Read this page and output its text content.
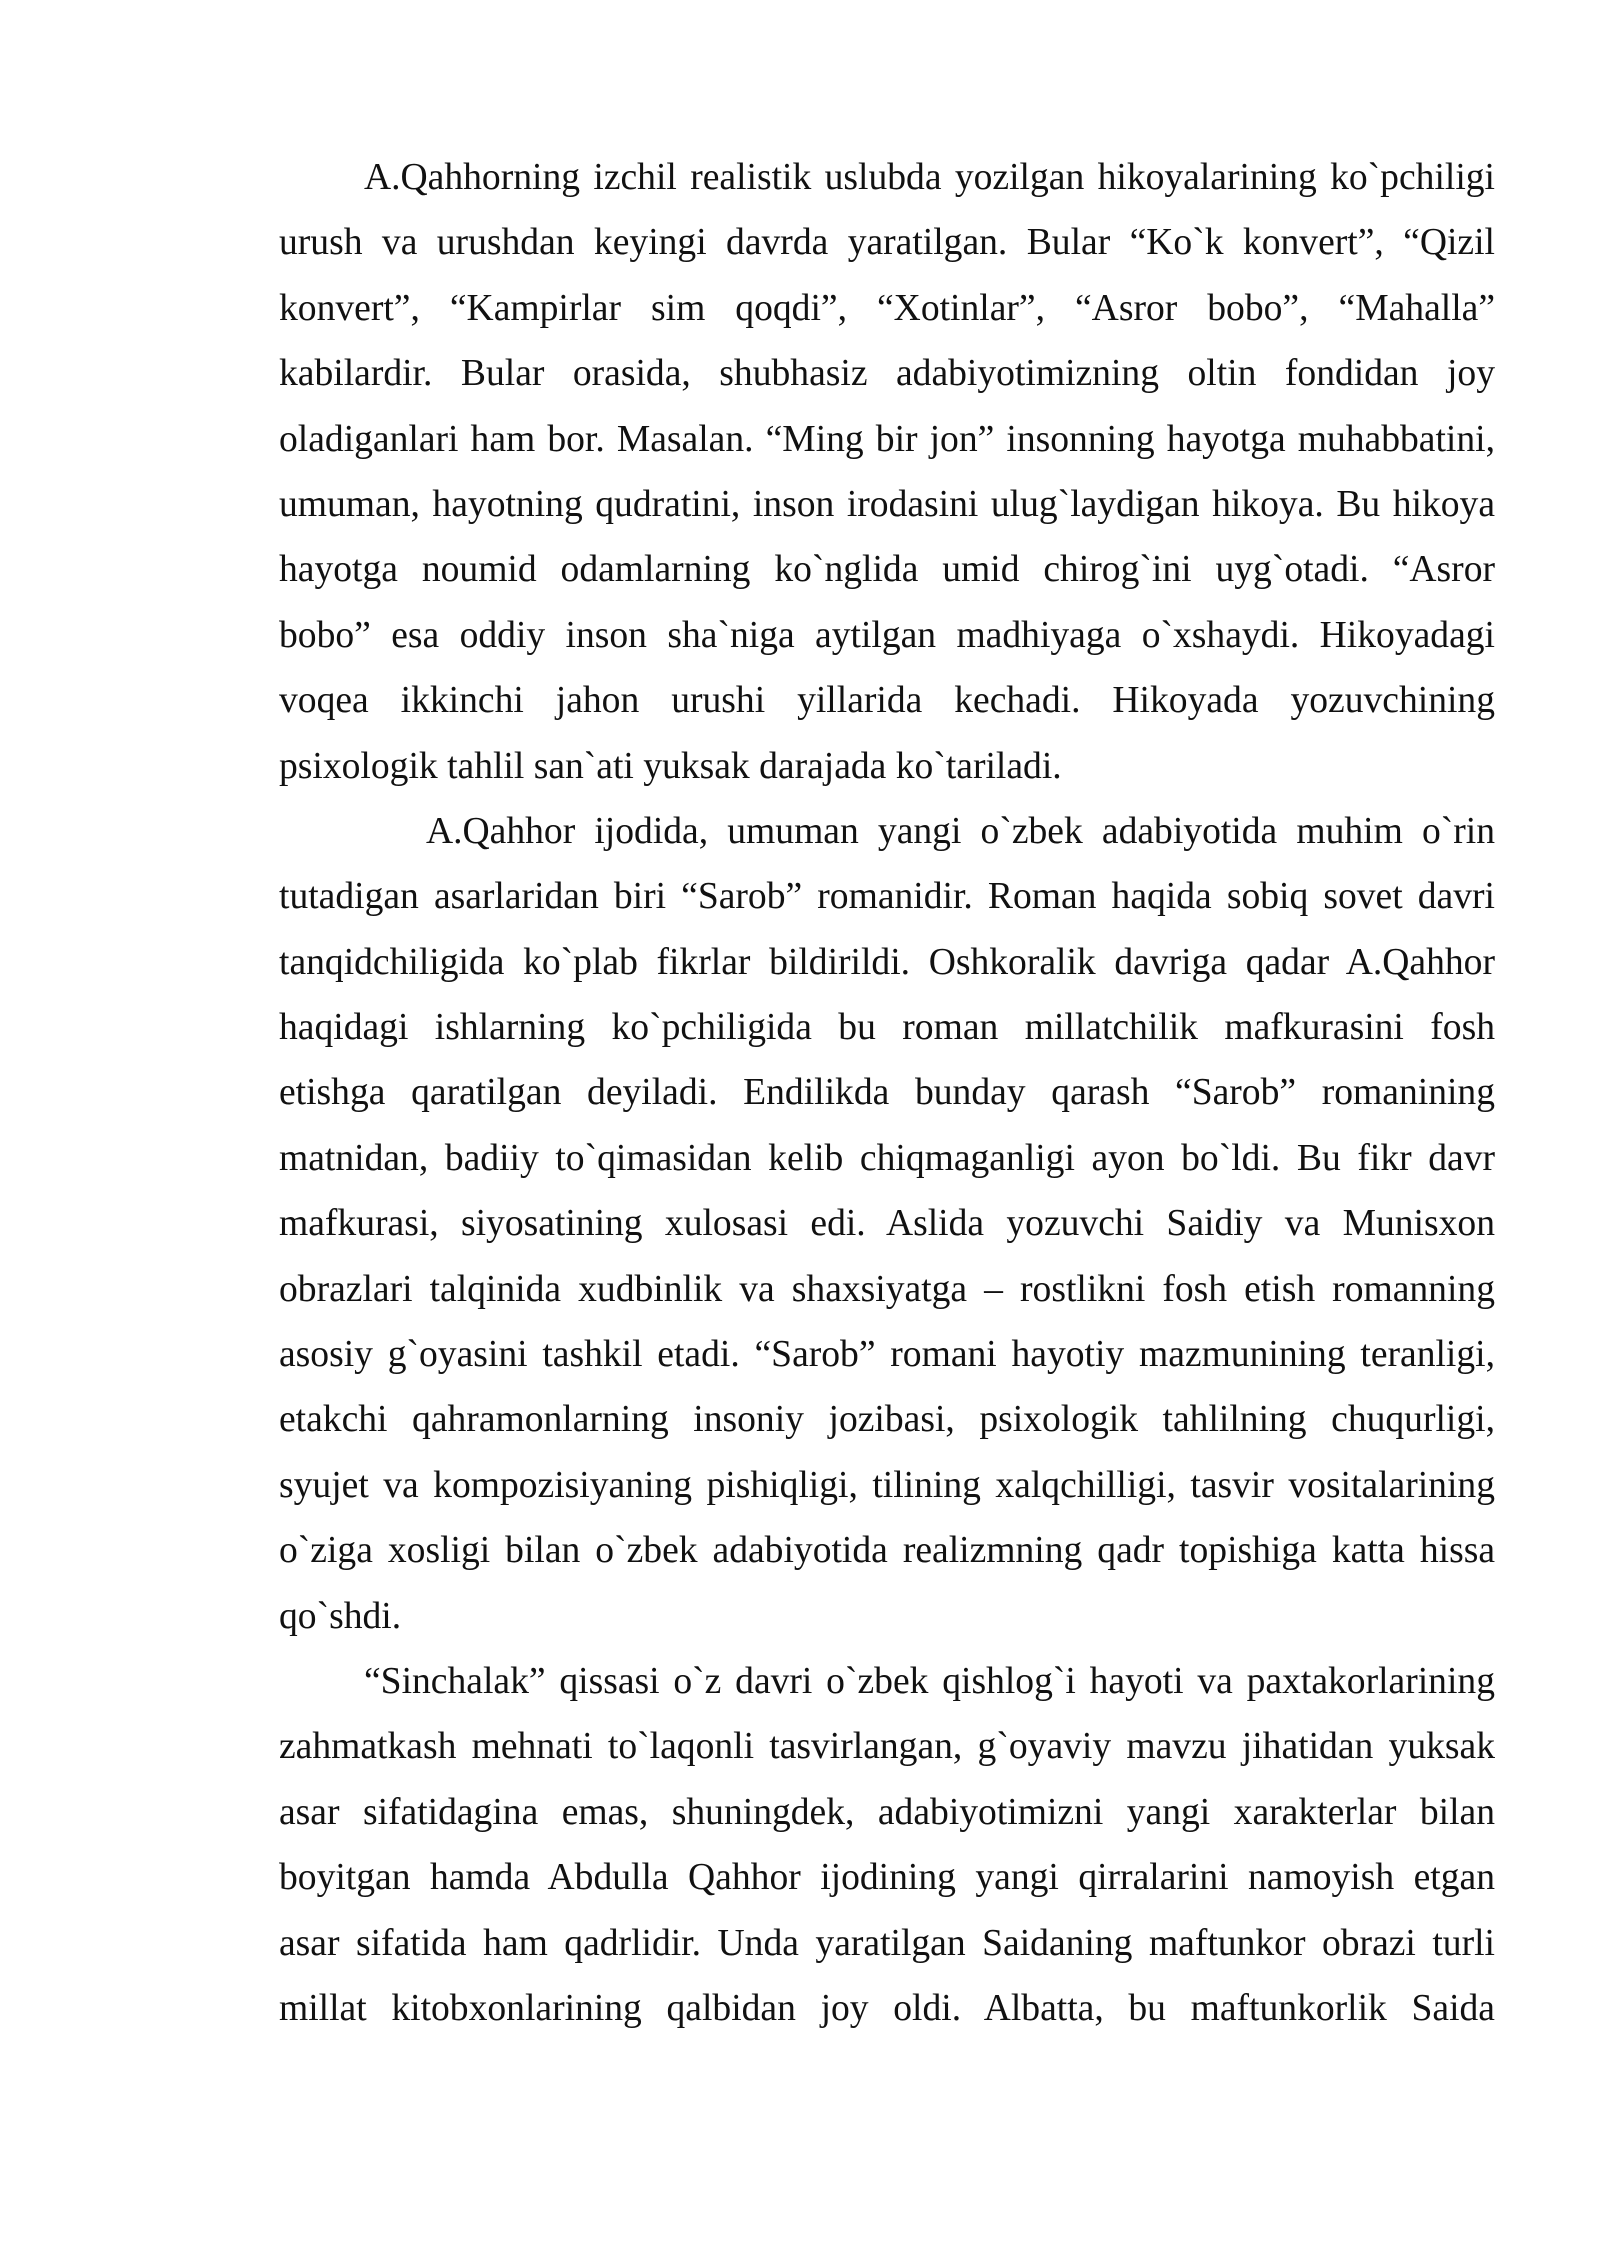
A.Qahhorning izchil realistik uslubda yozilgan hikoyalarining ko`pchiligi
urush va urushdan keyingi davrda yaratilgan. Bular “Ko`k konvert”, “Qizil
konvert”, “Kampirlar sim qoqdi”, “Xotinlar”, “Asror bobo”, “Mahalla”
kabilardir. Bular orasida, shubhasiz adabiyotimizning oltin fondidan joy
oladiganlari ham bor. Masalan. “Ming bir jon” insonning hayotga muhabbatini,
umuman, hayotning qudratini, inson irodasini ulug`laydigan hikoya. Bu hikoya
hayotga noumid odamlarning ko`nglida umid chirog`ini uyg`otadi. “Asror
bobo” esa oddiy inson sha`niga aytilgan madhiyaga o`xshaydi. Hikoyadagi
voqea ikkinchi jahon urushi yillarida kechadi. Hikoyada yozuvchining
psixologik tahlil san`ati yuksak darajada ko`tariladi.
A.Qahhor ijodida, umuman yangi o`zbek adabiyotida muhim o`rin
tutadigan asarlaridan biri “Sarob” romanidir. Roman haqida sobiq sovet davri
tanqidchiligida ko`plab fikrlar bildirildi. Oshkoralik davriga qadar A.Qahhor
haqidagi ishlarning ko`pchiligida bu roman millatchilik mafkurasini fosh
etishga qaratilgan deyiladi. Endilikda bunday qarash “Sarob” romanining
matnidan, badiiy to`qimasidan kelib chiqmaganligi ayon bo`ldi. Bu fikr davr
mafkurasi, siyosatining xulosasi edi. Aslida yozuvchi Saidiy va Munisxon
obrazlari talqinida xudbinlik va shaxsiyatga – rostlikni fosh etish romanning
asosiy g`oyasini tashkil etadi. “Sarob” romani hayotiy mazmunining teranligi,
etakchi qahramonlarning insoniy jozibasi, psixologik tahlilning chuqurligi,
syujet va kompozisiyaning pishiqligi, tilining xalqchilligi, tasvir vositalarining
o`ziga xosligi bilan o`zbek adabiyotida realizmning qadr topishiga katta hissa
qo`shdi.
“Sinchalak” qissasi o`z davri o`zbek qishlog`i hayoti va paxtakorlarining
zahmatkash mehnati to`laqonli tasvirlangan, g`oyaviy mavzu jihatidan yuksak
asar sifatidagina emas, shuningdek, adabiyotimizni yangi xarakterlar bilan
boyitgan hamda Abdulla Qahhor ijodining yangi qirralarini namoyish etgan
asar sifatida ham qadrlidir. Unda yaratilgan Saidaning maftunkor obrazi turli
millat kitobxonlarining qalbidan joy oldi. Albatta, bu maftunkorlik Saida
